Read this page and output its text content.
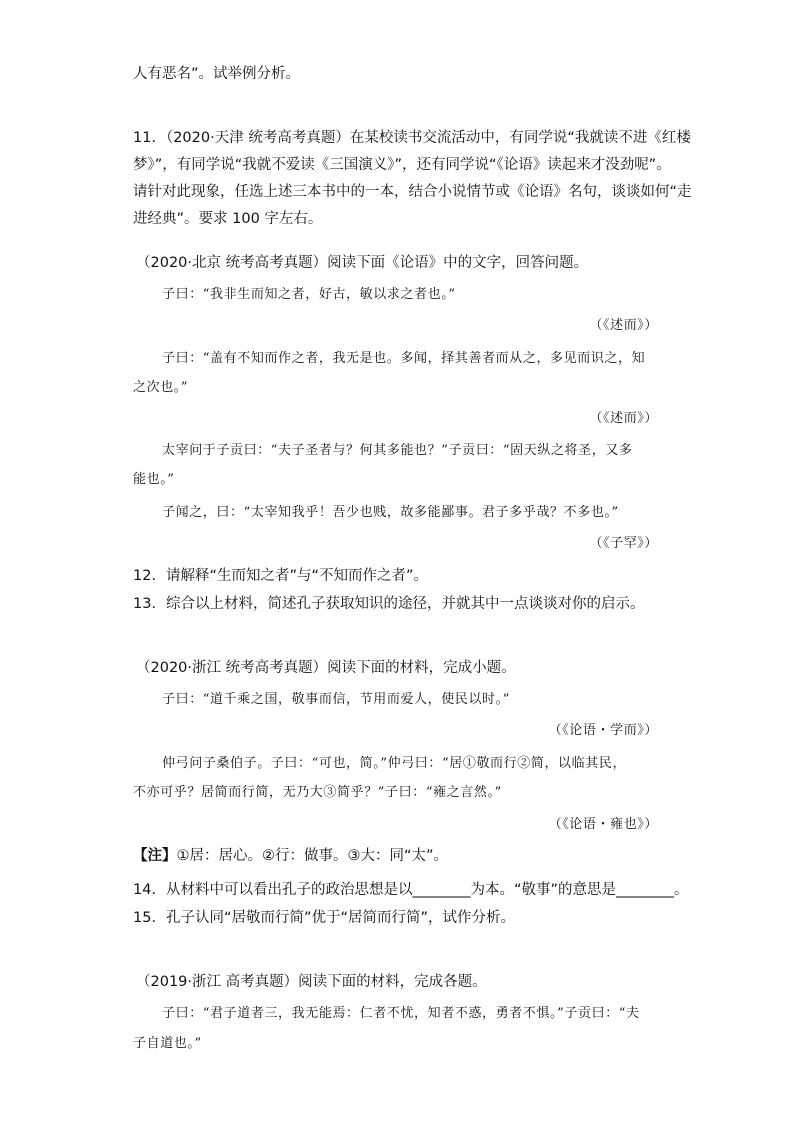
人有恶名”。试举例分析。
11．（2020·天津 统考高考真题）在某校读书交流活动中，有同学说“我就读不进《红楼
梦》”，有同学说“我就不爱读《三国演义》”，还有同学说“《论语》读起来才没劲呢”。
请针对此现象，任选上述三本书中的一本，结合小说情节或《论语》名句，谈谈如何“走
进经典”。要求 100 字左右。
（2020·北京 统考高考真题）阅读下面《论语》中的文字，回答问题。
子曰：“我非生而知之者，好古，敏以求之者也。”
（《述而》）
子曰：“盖有不知而作之者，我无是也。多闻，择其善者而从之，多见而识之，知
之次也。”
（《述而》）
太宰问于子贡曰：“夫子圣者与？何其多能也？”子贡曰：“固天纵之将圣，又多
能也。”
子闻之，曰：“太宰知我乎！吾少也贱，故多能鄙事。君子多乎哉？不多也。”
（《子罕》）
12．请解释“生而知之者”与“不知而作之者”。
13．综合以上材料，简述孔子获取知识的途径，并就其中一点谈谈对你的启示。
（2020·浙江 统考高考真题）阅读下面的材料，完成小题。
子曰：“道千乘之国，敬事而信，节用而爱人，使民以时。”
（《论语・学而》）
仲弓问子桑伯子。子曰：“可也，简。”仲弓曰：“居①敬而行②简，以临其民，
不亦可乎？居简而行简，无乃大③简乎？”子曰：“雍之言然。”
（《论语・雍也》）
【注】①居：居心。②行：做事。③大：同“太”。
14．从材料中可以看出孔子的政治思想是以________为本。“敬事”的意思是________。
15．孔子认同“居敬而行简”优于“居简而行简”，试作分析。
（2019·浙江 高考真题）阅读下面的材料，完成各题。
子曰：“君子道者三，我无能焉：仁者不忧，知者不惑，勇者不惧。”子贡曰：“夫
子自道也。”
